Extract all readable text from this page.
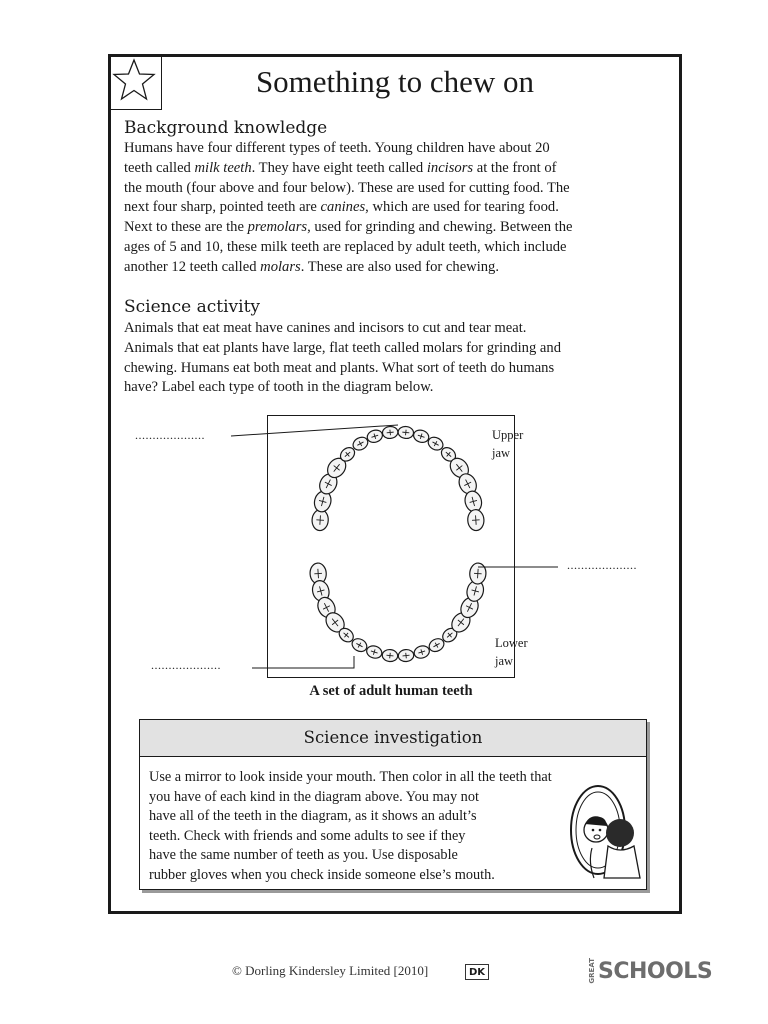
Something to chew on
Background knowledge
Humans have four different types of teeth. Young children have about 20
teeth called milk teeth. They have eight teeth called incisors at the front of
the mouth (four above and four below). These are used for cutting food. The
next four sharp, pointed teeth are canines, which are used for tearing food.
Next to these are the premolars, used for grinding and chewing. Between the
ages of 5 and 10, these milk teeth are replaced by adult teeth, which include
another 12 teeth called molars. These are also used for chewing.
Science activity
Animals that eat meat have canines and incisors to cut and tear meat.
Animals that eat plants have large, flat teeth called molars for grinding and
chewing. Humans eat both meat and plants. What sort of teeth do humans
have? Label each type of tooth in the diagram below.
....................
....................
....................
Upper
jaw
Lower
jaw
A set of adult human teeth
Science investigation
Use a mirror to look inside your mouth. Then color in all the teeth that
you have of each kind in the diagram above. You may not
have all of the teeth in the diagram, as it shows an adult’s
teeth. Check with friends and some adults to see if they
have the same number of teeth as you. Use disposable
rubber gloves when you check inside someone else’s mouth.
© Dorling Kindersley Limited [2010]	DK	GREAT SCHOOLS
